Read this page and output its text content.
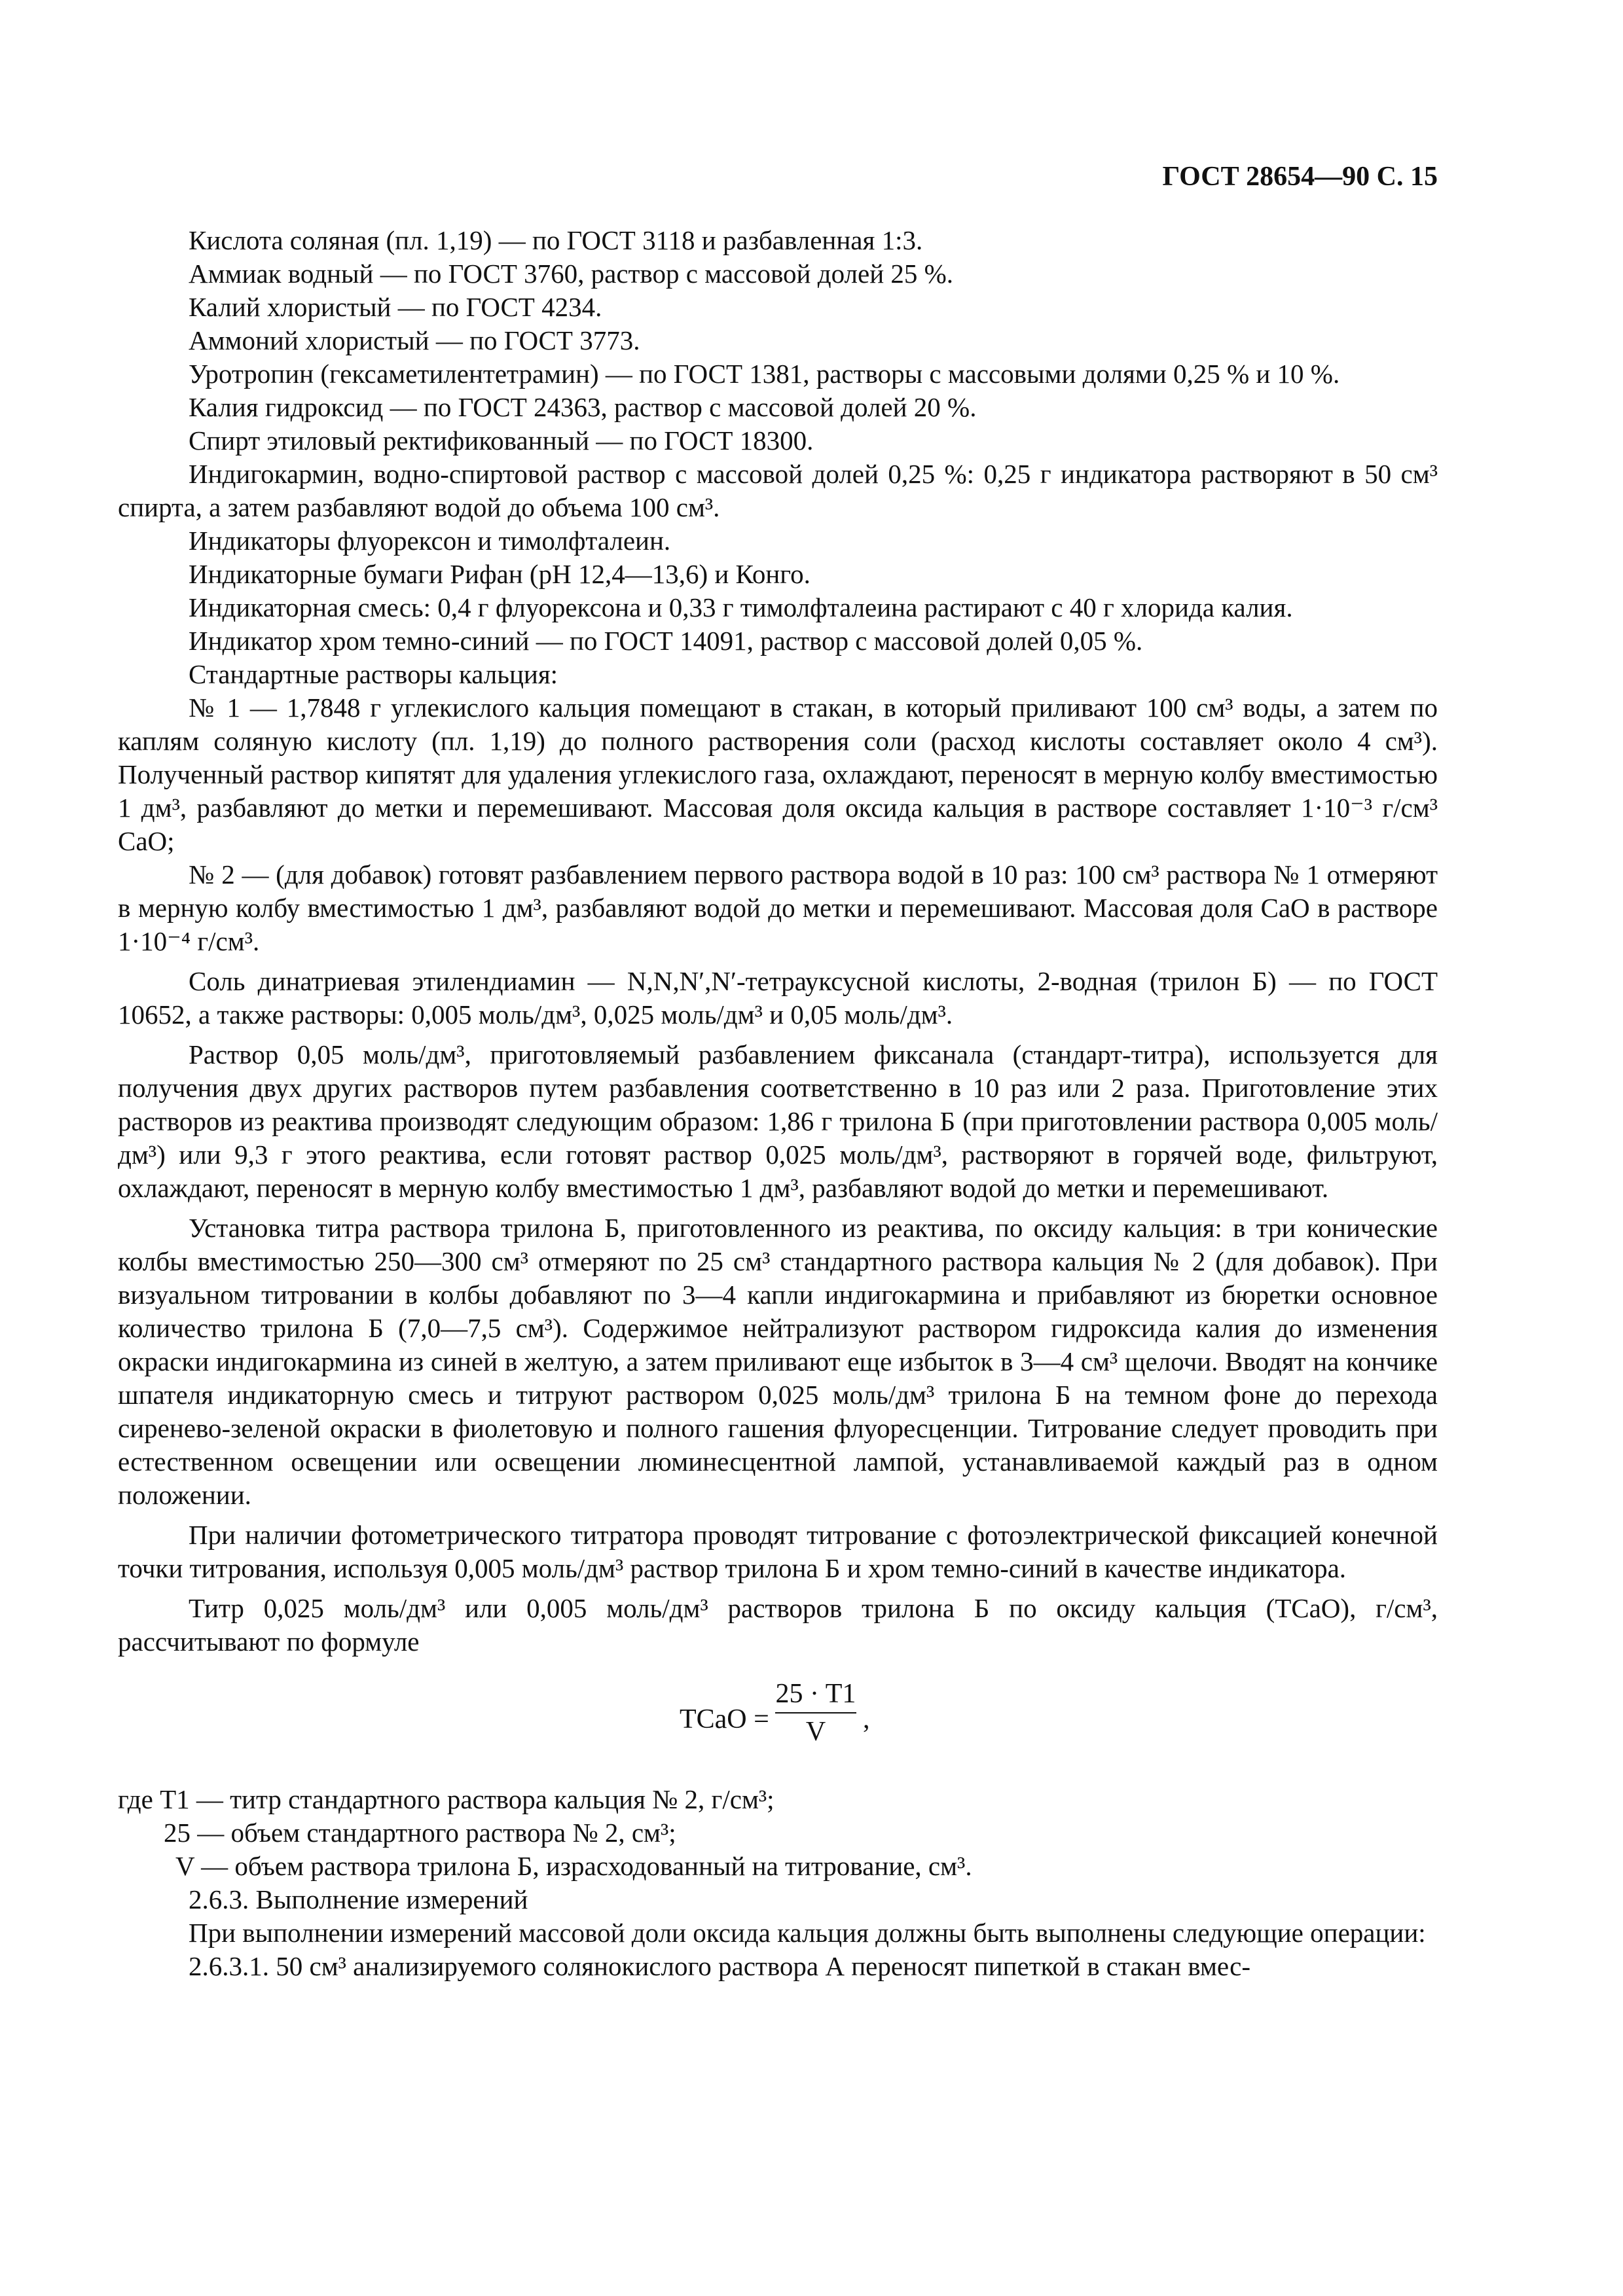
ГОСТ 28654—90 С. 15

Кислота соляная (пл. 1,19) — по ГОСТ 3118 и разбавленная 1:3.

Аммиак водный — по ГОСТ 3760, раствор с массовой долей 25 %.

Калий хлористый — по ГОСТ 4234.

Аммоний хлористый — по ГОСТ 3773.

Уротропин (гексаметилентетрамин) — по ГОСТ 1381, растворы с массовыми долями 0,25 % и 10 %.

Калия гидроксид — по ГОСТ 24363, раствор с массовой долей 20 %.

Спирт этиловый ректификованный — по ГОСТ 18300.

Индигокармин, водно-спиртовой раствор с массовой долей 0,25 %: 0,25 г индикатора растворяют в 50 см³ спирта, а затем разбавляют водой до объема 100 см³.

Индикаторы флуорексон и тимолфталеин.

Индикаторные бумаги Рифан (рН 12,4—13,6) и Конго.

Индикаторная смесь: 0,4 г флуорексона и 0,33 г тимолфталеина растирают с 40 г хлорида калия.

Индикатор хром темно-синий — по ГОСТ 14091, раствор с массовой долей 0,05 %.

Стандартные растворы кальция:

№ 1 — 1,7848 г углекислого кальция помещают в стакан, в который приливают 100 см³ воды, а затем по каплям соляную кислоту (пл. 1,19) до полного растворения соли (расход кислоты составляет около 4 см³). Полученный раствор кипятят для удаления углекислого газа, охлаждают, переносят в мерную колбу вместимостью 1 дм³, разбавляют до метки и перемешивают. Массовая доля оксида кальция в растворе составляет 1·10⁻³ г/см³ CaO;

№ 2 — (для добавок) готовят разбавлением первого раствора водой в 10 раз: 100 см³ раствора № 1 отмеряют в мерную колбу вместимостью 1 дм³, разбавляют водой до метки и перемешивают. Массовая доля CaO в растворе 1·10⁻⁴ г/см³.

Соль динатриевая этилендиамин — N,N,N′,N′-тетрауксусной кислоты, 2-водная (трилон Б) — по ГОСТ 10652, а также растворы: 0,005 моль/дм³, 0,025 моль/дм³ и 0,05 моль/дм³.

Раствор 0,05 моль/дм³, приготовляемый разбавлением фиксанала (стандарт-титра), используется для получения двух других растворов путем разбавления соответственно в 10 раз или 2 раза. Приготовление этих растворов из реактива производят следующим образом: 1,86 г трилона Б (при приготовлении раствора 0,005 моль/дм³) или 9,3 г этого реактива, если готовят раствор 0,025 моль/дм³, растворяют в горячей воде, фильтруют, охлаждают, переносят в мерную колбу вместимостью 1 дм³, разбавляют водой до метки и перемешивают.

Установка титра раствора трилона Б, приготовленного из реактива, по оксиду кальция: в три конические колбы вместимостью 250—300 см³ отмеряют по 25 см³ стандартного раствора кальция № 2 (для добавок). При визуальном титровании в колбы добавляют по 3—4 капли индигокармина и прибавляют из бюретки основное количество трилона Б (7,0—7,5 см³). Содержимое нейтрализуют раствором гидроксида калия до изменения окраски индигокармина из синей в желтую, а затем приливают еще избыток в 3—4 см³ щелочи. Вводят на кончике шпателя индикаторную смесь и титруют раствором 0,025 моль/дм³ трилона Б на темном фоне до перехода сиренево-зеленой окраски в фиолетовую и полного гашения флуоресценции. Титрование следует проводить при естественном освещении или освещении люминесцентной лампой, устанавливаемой каждый раз в одном положении.

При наличии фотометрического титратора проводят титрование с фотоэлектрической фиксацией конечной точки титрования, используя 0,005 моль/дм³ раствор трилона Б и хром темно-синий в качестве индикатора.

Титр 0,025 моль/дм³ или 0,005 моль/дм³ растворов трилона Б по оксиду кальция (TCaO), г/см³, рассчитывают по формуле

TCaO =
25 · T1
V	,

где T1 — титр стандартного раствора кальция № 2, г/см³;

25 — объем стандартного раствора № 2, см³;

V — объем раствора трилона Б, израсходованный на титрование, см³.

2.6.3. Выполнение измерений

При выполнении измерений массовой доли оксида кальция должны быть выполнены следующие операции:

2.6.3.1. 50 см³ анализируемого солянокислого раствора А переносят пипеткой в стакан вмес-
